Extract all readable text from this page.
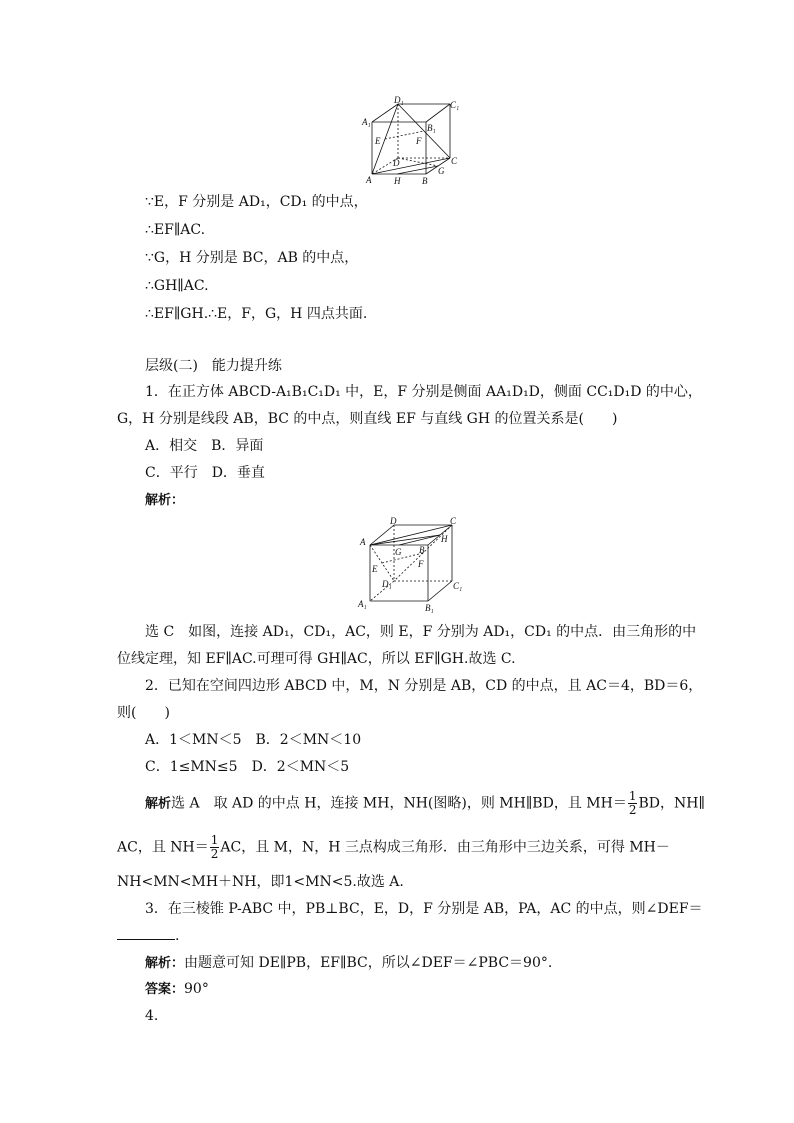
A₁
D₁	C₁
B₁
E	F
D	C
A	H B
G
∵E，F 分别是 AD₁，CD₁ 的中点，
∴EF∥AC.
∵G，H 分别是 BC，AB 的中点，
∴GH∥AC.
∴EF∥GH.∴E，F，G，H 四点共面.
层级(二)　能力提升练
1．在正方体 ABCD-A₁B₁C₁D₁ 中，E，F 分别是侧面 AA₁D₁D，侧面 CC₁D₁D 的中心，
G，H 分别是线段 AB，BC 的中点，则直线 EF 与直线 GH 的位置关系是(　　)
A．相交　B．异面
C．平行　D．垂直
解析：
D	C
A
G B
H
E	F
D₁	C₁
A₁	B₁
选 C　如图，连接 AD₁，CD₁，AC，则 E，F 分别为 AD₁，CD₁ 的中点．由三角形的中
位线定理，知 EF∥AC.可理可得 GH∥AC，所以 EF∥GH.故选 C.
2．已知在空间四边形 ABCD 中，M，N 分别是 AB，CD 的中点，且 AC＝4，BD＝6，
则(　　)
A．1＜MN＜5　B．2＜MN＜10
C．1≤MN≤5　D．2＜MN＜5
解析选 A　取 AD 的中点 H，连接 MH，NH(图略)，则 MH∥BD，且 $MH= \frac{1}{2}$ BD，NH∥
AC，且 $NH= \frac{1}{2}$ AC，且 M，N，H 三点构成三角形．由三角形中三边关系，可得 MH－
NH<MN<MH＋NH，即1<MN<5.故选 A.
3．在三棱锥 P-ABC 中，PB⊥BC，E，D，F 分别是 AB，PA，AC 的中点，则∠DEF＝
.
解析：由题意可知 DE∥PB，EF∥BC，所以∠DEF＝∠PBC＝90°.
答案：90°
4.
